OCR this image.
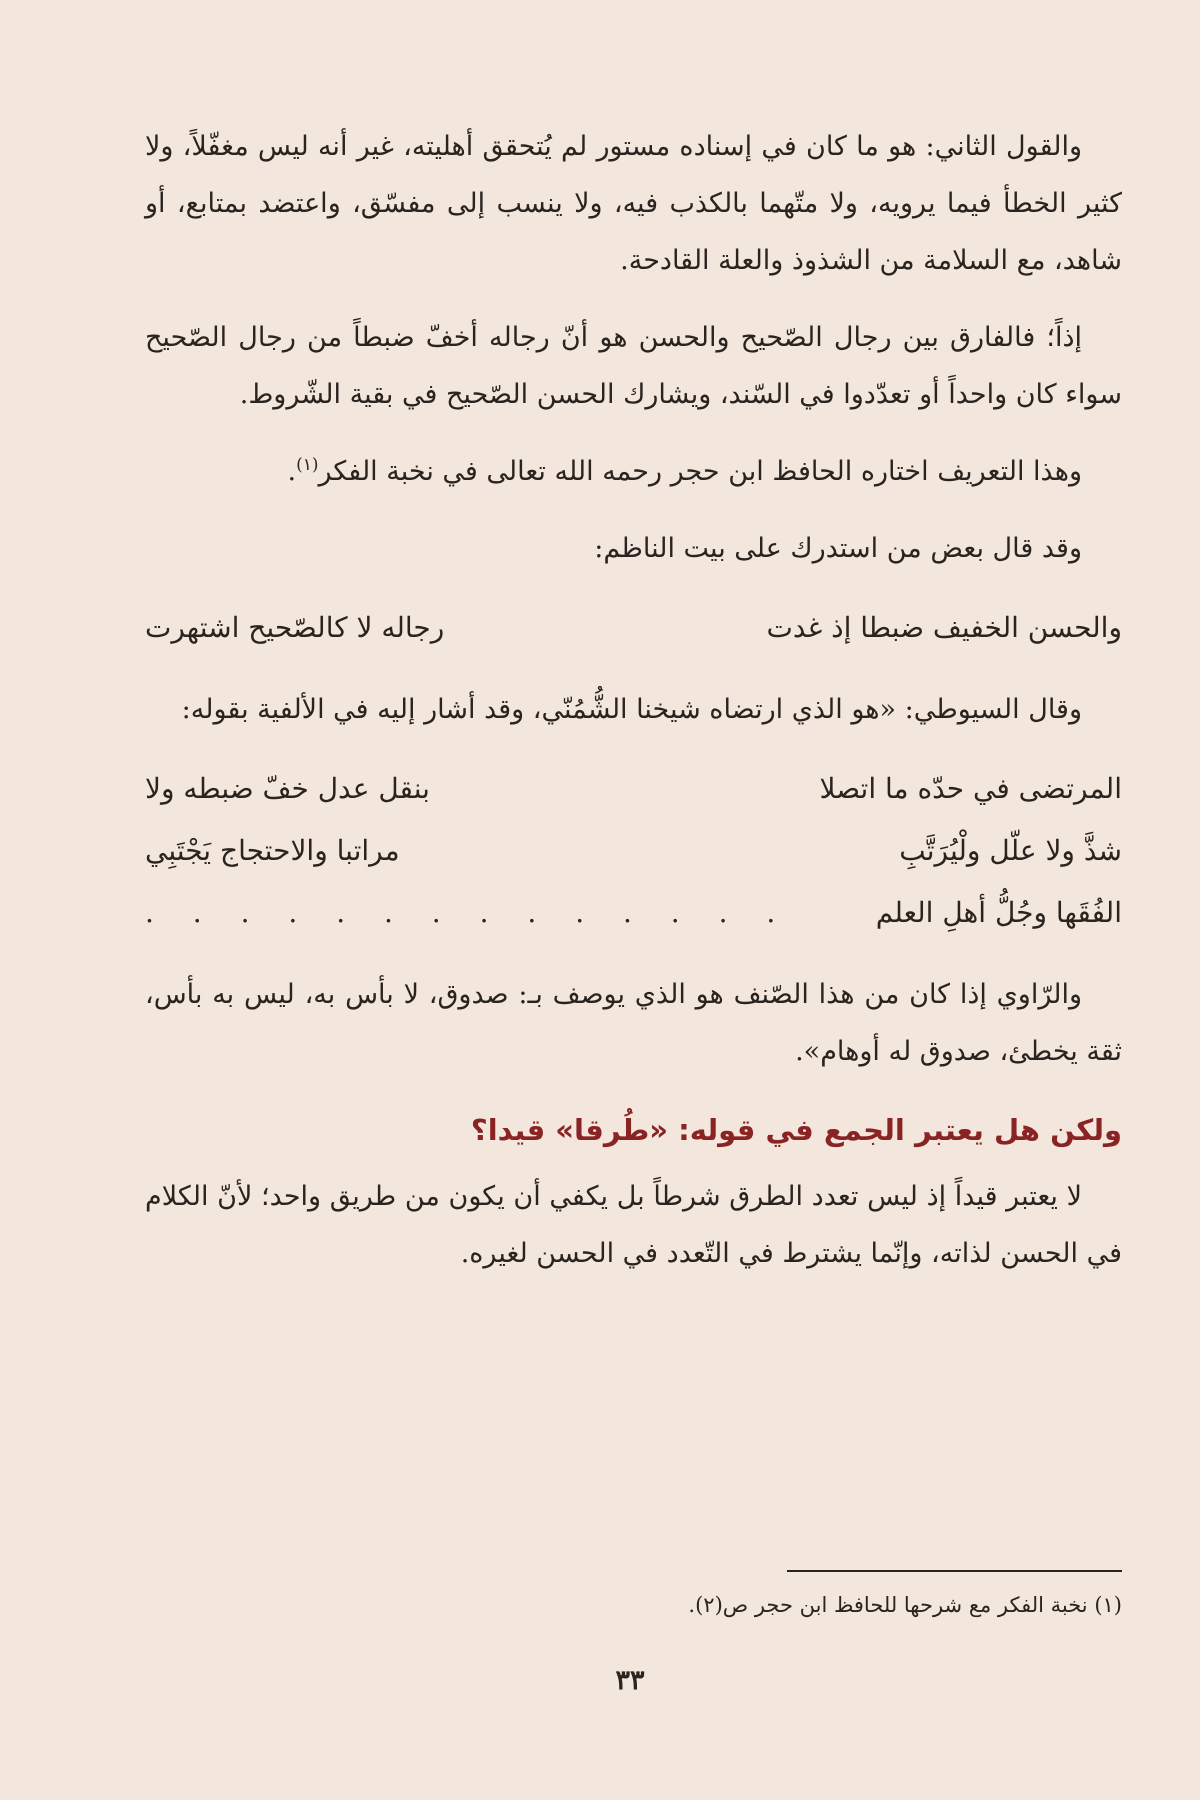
والقول الثاني: هو ما كان في إسناده مستور لم يُتحقق أهليته، غير أنه ليس مغفّلاً، ولا كثير الخطأ فيما يرويه، ولا متّهما بالكذب فيه، ولا ينسب إلى مفسّق، واعتضد بمتابع، أو شاهد، مع السلامة من الشذوذ والعلة القادحة.

إذاً؛ فالفارق بين رجال الصّحيح والحسن هو أنّ رجاله أخفّ ضبطاً من رجال الصّحيح سواء كان واحداً أو تعدّدوا في السّند، ويشارك الحسن الصّحيح في بقية الشّروط.

وهذا التعريف اختاره الحافظ ابن حجر رحمه الله تعالى في نخبة الفكر$^{(١)}$.

وقد قال بعض من استدرك على بيت الناظم:

والحسن الخفيف ضبطا إذ غدت
رجاله لا كالصّحيح اشتهرت

وقال السيوطي: «هو الذي ارتضاه شيخنا الشُّمُنّي، وقد أشار إليه في الألفية بقوله:

المرتضى في حدّه ما اتصلا
بنقل عدل خفّ ضبطه ولا
شذَّ ولا علّل ولْيُرَتَّبِ
مراتبا والاحتجاج يَجْتَبِي
الفُقَها وجُلُّ أهلِ العلم
. . . . . . . . . . . . . .

والرّاوي إذا كان من هذا الصّنف هو الذي يوصف بـ: صدوق، لا بأس به، ليس به بأس، ثقة يخطئ، صدوق له أوهام».

ولكن هل يعتبر الجمع في قوله: «طُرقا» قيدا؟

لا يعتبر قيداً إذ ليس تعدد الطرق شرطاً بل يكفي أن يكون من طريق واحد؛ لأنّ الكلام في الحسن لذاته، وإنّما يشترط في التّعدد في الحسن لغيره.

(١) نخبة الفكر مع شرحها للحافظ ابن حجر ص(٢).

٣٣
